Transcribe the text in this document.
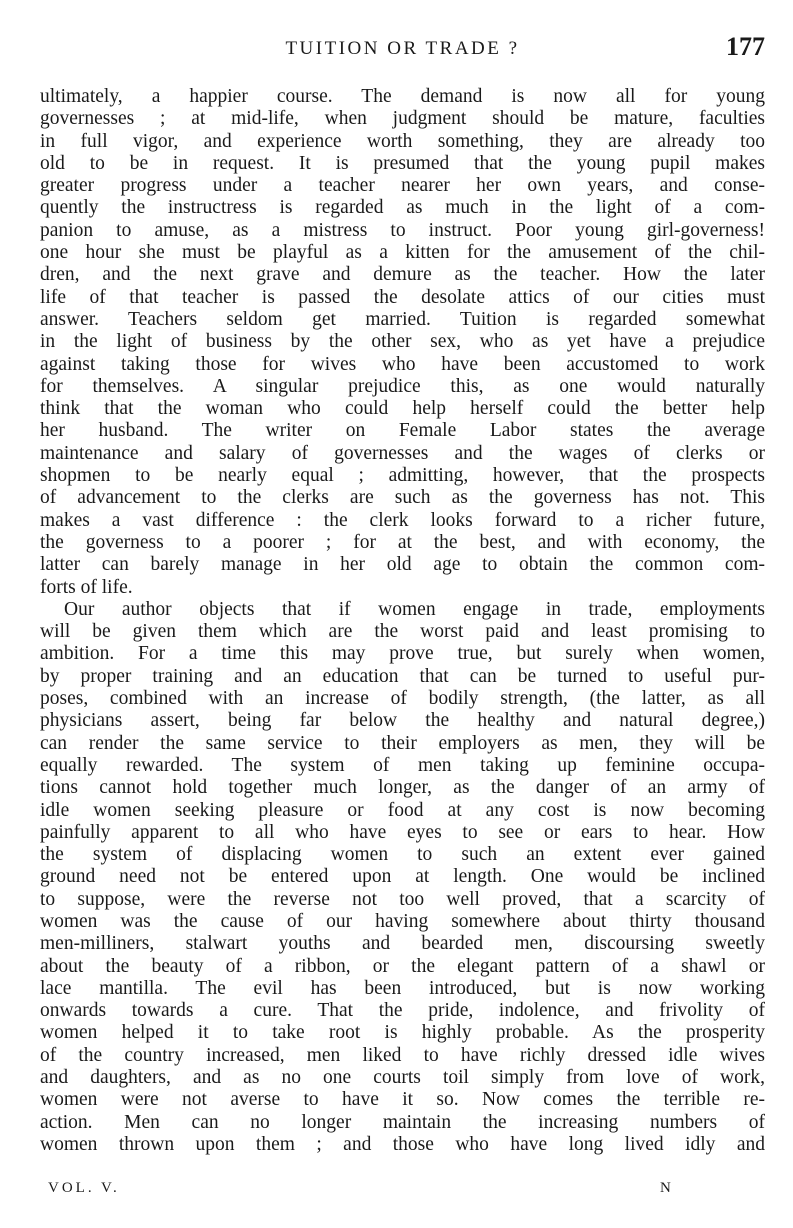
TUITION OR TRADE ?	177
ultimately, a happier course. The demand is now all for young
governesses ; at mid-life, when judgment should be mature, faculties
in full vigor, and experience worth something, they are already too
old to be in request. It is presumed that the young pupil makes
greater progress under a teacher nearer her own years, and conse-
quently the instructress is regarded as much in the light of a com-
panion to amuse, as a mistress to instruct. Poor young girl-governess!
one hour she must be playful as a kitten for the amusement of the chil-
dren, and the next grave and demure as the teacher. How the later
life of that teacher is passed the desolate attics of our cities must
answer. Teachers seldom get married. Tuition is regarded somewhat
in the light of business by the other sex, who as yet have a prejudice
against taking those for wives who have been accustomed to work
for themselves. A singular prejudice this, as one would naturally
think that the woman who could help herself could the better help
her husband. The writer on Female Labor states the average
maintenance and salary of governesses and the wages of clerks or
shopmen to be nearly equal ; admitting, however, that the prospects
of advancement to the clerks are such as the governess has not. This
makes a vast difference : the clerk looks forward to a richer future,
the governess to a poorer ; for at the best, and with economy, the
latter can barely manage in her old age to obtain the common com-
forts of life.
Our author objects that if women engage in trade, employments
will be given them which are the worst paid and least promising to
ambition. For a time this may prove true, but surely when women,
by proper training and an education that can be turned to useful pur-
poses, combined with an increase of bodily strength, (the latter, as all
physicians assert, being far below the healthy and natural degree,)
can render the same service to their employers as men, they will be
equally rewarded. The system of men taking up feminine occupa-
tions cannot hold together much longer, as the danger of an army of
idle women seeking pleasure or food at any cost is now becoming
painfully apparent to all who have eyes to see or ears to hear. How
the system of displacing women to such an extent ever gained
ground need not be entered upon at length. One would be inclined
to suppose, were the reverse not too well proved, that a scarcity of
women was the cause of our having somewhere about thirty thousand
men-milliners, stalwart youths and bearded men, discoursing sweetly
about the beauty of a ribbon, or the elegant pattern of a shawl or
lace mantilla. The evil has been introduced, but is now working
onwards towards a cure. That the pride, indolence, and frivolity of
women helped it to take root is highly probable. As the prosperity
of the country increased, men liked to have richly dressed idle wives
and daughters, and as no one courts toil simply from love of work,
women were not averse to have it so. Now comes the terrible re-
action. Men can no longer maintain the increasing numbers of
women thrown upon them ; and those who have long lived idly and
VOL. V.	N
